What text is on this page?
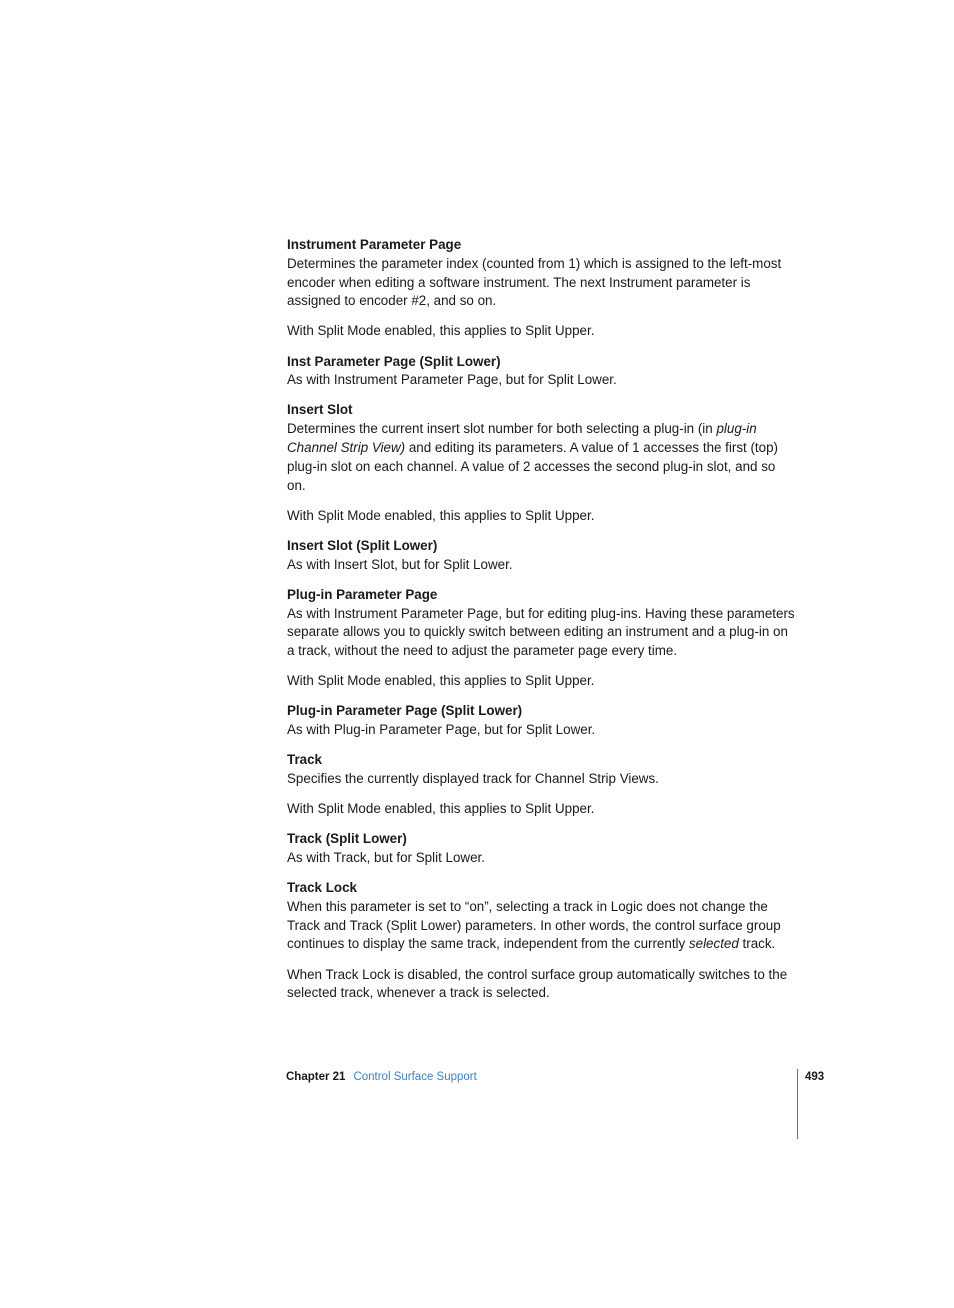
Instrument Parameter Page

Determines the parameter index (counted from 1) which is assigned to the left-most encoder when editing a software instrument. The next Instrument parameter is assigned to encoder #2, and so on.

With Split Mode enabled, this applies to Split Upper.

Inst Parameter Page (Split Lower)

As with Instrument Parameter Page, but for Split Lower.

Insert Slot

Determines the current insert slot number for both selecting a plug-in (in plug-in Channel Strip View) and editing its parameters. A value of 1 accesses the first (top) plug-in slot on each channel. A value of 2 accesses the second plug-in slot, and so on.

With Split Mode enabled, this applies to Split Upper.

Insert Slot (Split Lower)

As with Insert Slot, but for Split Lower.

Plug-in Parameter Page

As with Instrument Parameter Page, but for editing plug-ins. Having these parameters separate allows you to quickly switch between editing an instrument and a plug-in on a track, without the need to adjust the parameter page every time.

With Split Mode enabled, this applies to Split Upper.

Plug-in Parameter Page (Split Lower)

As with Plug-in Parameter Page, but for Split Lower.

Track

Specifies the currently displayed track for Channel Strip Views.

With Split Mode enabled, this applies to Split Upper.

Track (Split Lower)

As with Track, but for Split Lower.

Track Lock

When this parameter is set to “on”, selecting a track in Logic does not change the Track and Track (Split Lower) parameters. In other words, the control surface group continues to display the same track, independent from the currently selected track.

When Track Lock is disabled, the control surface group automatically switches to the selected track, whenever a track is selected.

Chapter 21 Control Surface Support	493
